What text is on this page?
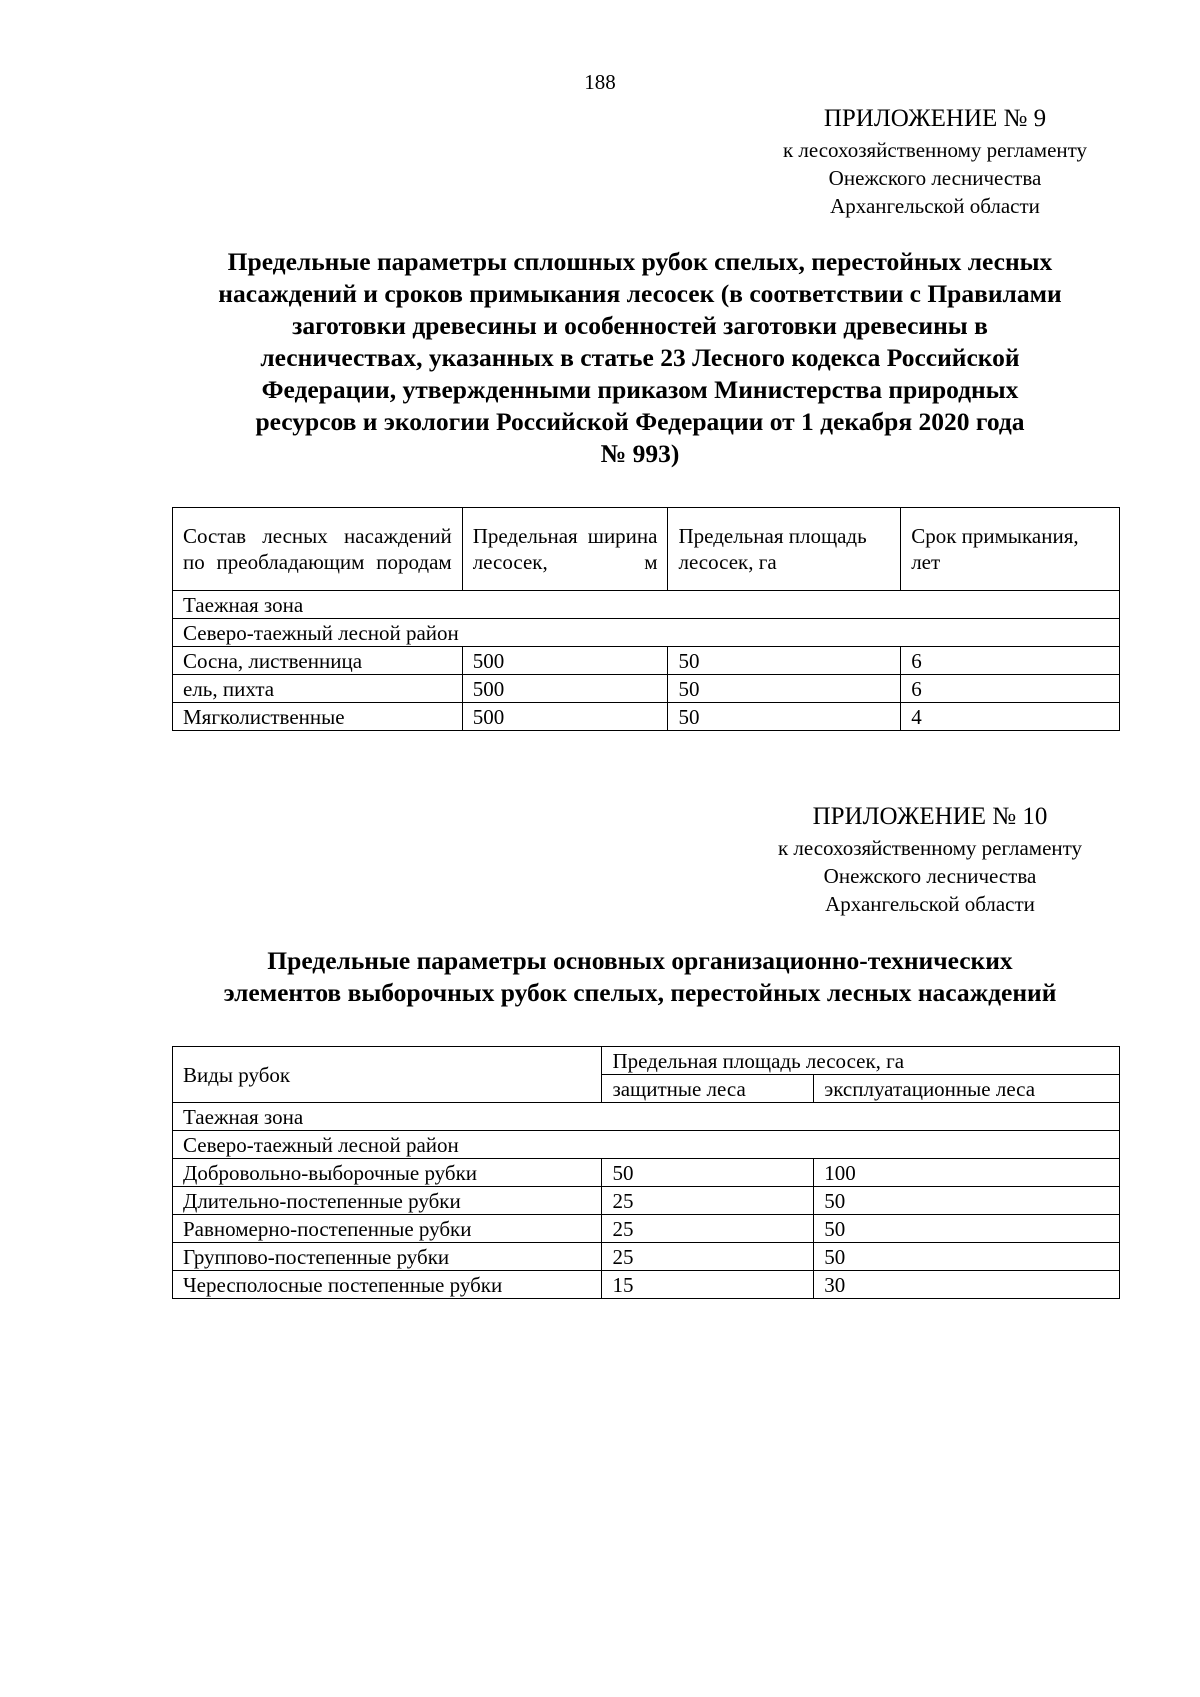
188
ПРИЛОЖЕНИЕ № 9
к лесохозяйственному регламенту
Онежского лесничества
Архангельской области
Предельные параметры сплошных рубок спелых, перестойных лесных
насаждений и сроков примыкания лесосек (в соответствии с Правилами
заготовки древесины и особенностей заготовки древесины в
лесничествах, указанных в статье 23 Лесного кодекса Российской
Федерации, утвержденными приказом Министерства природных
ресурсов и экологии Российской Федерации от 1 декабря 2020 года
№ 993)
Состав лесных насаждений по преобладающим породам	Предельная ширина лесосек, м	Предельная площадь лесосек, га	Срок примыкания, лет
Таежная зона			
Северо-таежный лесной район			
Сосна, лиственница	500	50	6
ель, пихта	500	50	6
Мягколиственные	500	50	4
ПРИЛОЖЕНИЕ № 10
к лесохозяйственному регламенту
Онежского лесничества
Архангельской области
Предельные параметры основных организационно-технических
элементов выборочных рубок спелых, перестойных лесных насаждений
Виды рубок	Предельная площадь лесосек, га	
	защитные леса	эксплуатационные леса
Таежная зона		
Северо-таежный лесной район		
Добровольно-выборочные рубки	50	100
Длительно-постепенные рубки	25	50
Равномерно-постепенные рубки	25	50
Группово-постепенные рубки	25	50
Чересполосные постепенные рубки	15	30
